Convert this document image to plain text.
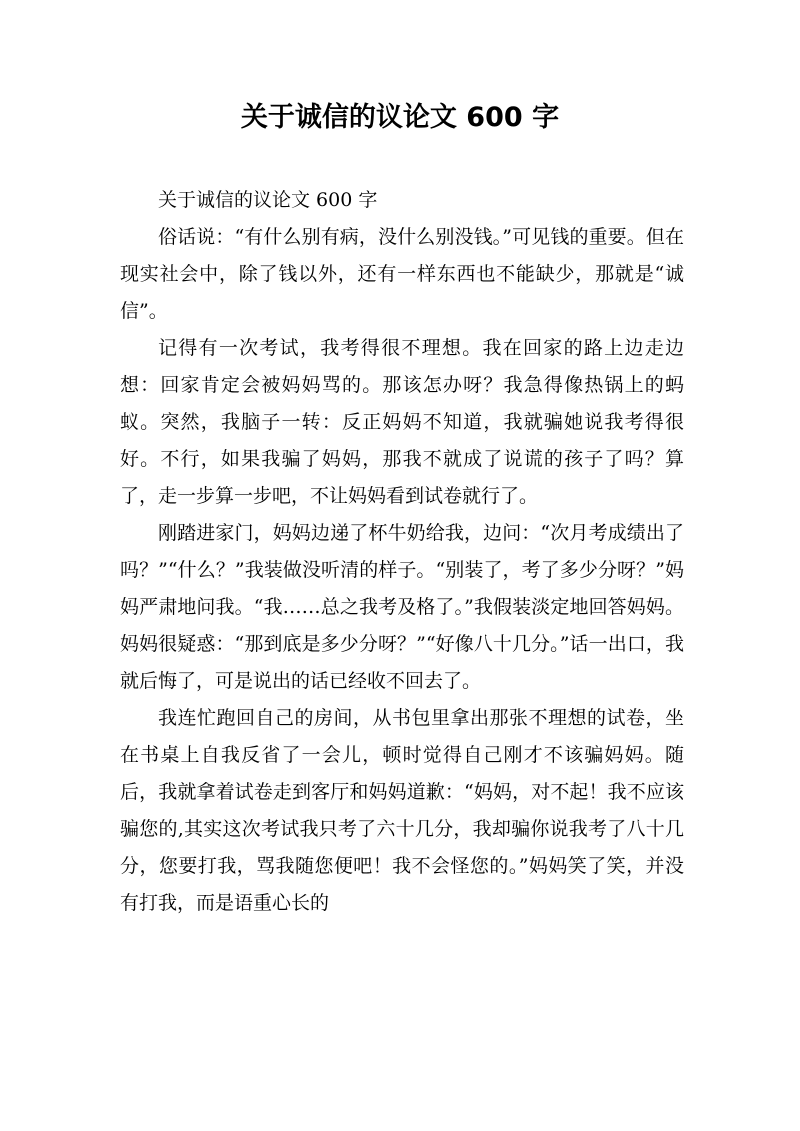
关于诚信的议论文 600 字

关于诚信的议论文 600 字

俗话说：“有什么别有病，没什么别没钱。”可见钱的重要。但在现实社会中，除了钱以外，还有一样东西也不能缺少，那就是“诚信”。

记得有一次考试，我考得很不理想。我在回家的路上边走边想：回家肯定会被妈妈骂的。那该怎办呀？我急得像热锅上的蚂蚁。突然，我脑子一转：反正妈妈不知道，我就骗她说我考得很好。不行，如果我骗了妈妈，那我不就成了说谎的孩子了吗？算了，走一步算一步吧，不让妈妈看到试卷就行了。

刚踏进家门，妈妈边递了杯牛奶给我，边问：“次月考成绩出了吗？”“什么？”我装做没听清的样子。“别装了，考了多少分呀？”妈妈严肃地问我。“我……总之我考及格了。”我假装淡定地回答妈妈。妈妈很疑惑：“那到底是多少分呀？”“好像八十几分。”话一出口，我就后悔了，可是说出的话已经收不回去了。

我连忙跑回自己的房间，从书包里拿出那张不理想的试卷，坐在书桌上自我反省了一会儿，顿时觉得自己刚才不该骗妈妈。随后，我就拿着试卷走到客厅和妈妈道歉：“妈妈，对不起！我不应该骗您的,其实这次考试我只考了六十几分，我却骗你说我考了八十几分，您要打我，骂我随您便吧！我不会怪您的。”妈妈笑了笑，并没有打我，而是语重心长的
